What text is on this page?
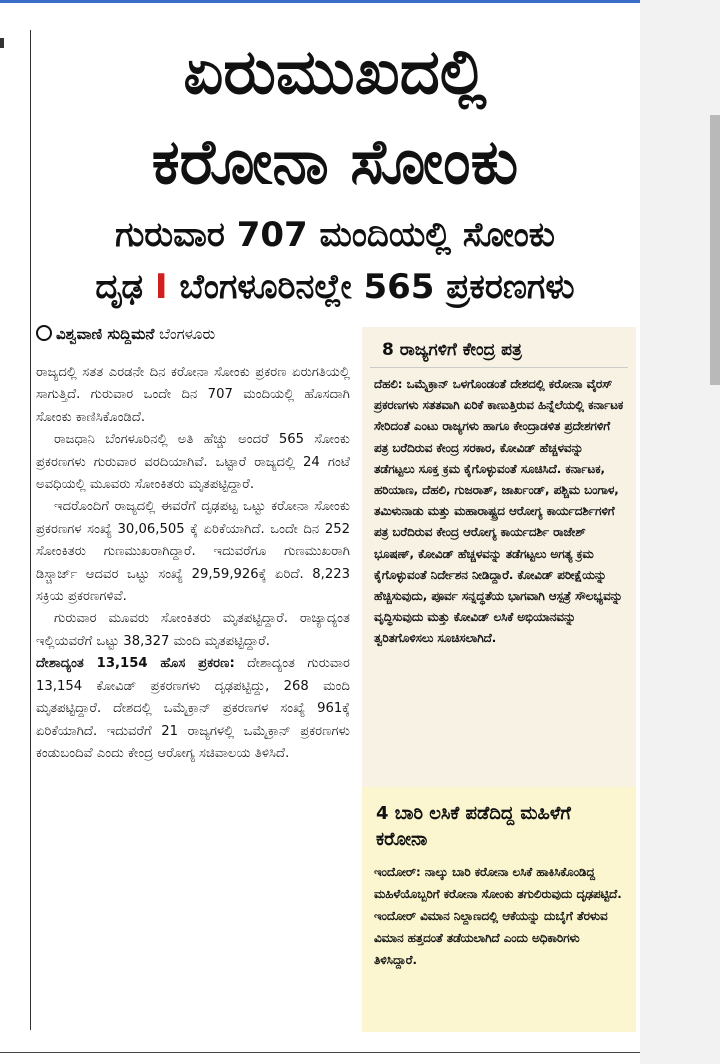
ಏರುಮುಖದಲ್ಲಿ
ಕರೋನಾ ಸೋಂಕು
ಗುರುವಾರ 707 ಮಂದಿಯಲ್ಲಿ ಸೋಂಕು
ದೃಢ I ಬೆಂಗಳೂರಿನಲ್ಲೇ 565 ಪ್ರಕರಣಗಳು
ವಿಶ್ವವಾಣಿ ಸುದ್ದಿಮನೆ ಬೆಂಗಳೂರು

ರಾಜ್ಯದಲ್ಲಿ ಸತತ ಎರಡನೇ ದಿನ ಕರೋನಾ ಸೋಂಕು ಪ್ರಕರಣ ಏರುಗತಿಯಲ್ಲಿ ಸಾಗುತ್ತಿದೆ. ಗುರುವಾರ ಒಂದೇ ದಿನ 707 ಮಂದಿಯಲ್ಲಿ ಹೊಸದಾಗಿ ಸೋಂಕು ಕಾಣಿಸಿಕೊಂಡಿದೆ.

ರಾಜಧಾನಿ ಬೆಂಗಳೂರಿನಲ್ಲಿ ಅತಿ ಹೆಚ್ಚು ಅಂದರೆ 565 ಸೋಂಕು ಪ್ರಕರಣಗಳು ಗುರುವಾರ ವರದಿಯಾಗಿವೆ. ಒಟ್ಟಾರೆ ರಾಜ್ಯದಲ್ಲಿ 24 ಗಂಟೆ ಅವಧಿಯಲ್ಲಿ ಮೂವರು ಸೋಂಕಿತರು ಮೃತಪಟ್ಟಿದ್ದಾರೆ.

ಇದರೊಂದಿಗೆ ರಾಜ್ಯದಲ್ಲಿ ಈವರೆಗೆ ದೃಢಪಟ್ಟ ಒಟ್ಟು ಕರೋನಾ ಸೋಂಕು ಪ್ರಕರಣಗಳ ಸಂಖ್ಯೆ 30,06,505 ಕ್ಕೆ ಏರಿಕೆಯಾಗಿದೆ. ಒಂದೇ ದಿನ 252 ಸೋಂಕಿತರು ಗುಣಮುಖರಾಗಿದ್ದಾರೆ. ಇದುವರೆಗೂ ಗುಣಮುಖರಾಗಿ ಡಿಸ್ಚಾರ್ಜ್ ಆದವರ ಒಟ್ಟು ಸಂಖ್ಯೆ 29,59,926ಕ್ಕೆ ಏರಿದೆ. 8,223 ಸಕ್ರಿಯ ಪ್ರಕರಣಗಳಿವೆ.

ಗುರುವಾರ ಮೂವರು ಸೋಂಕಿತರು ಮೃತಪಟ್ಟಿದ್ದಾರೆ. ರಾಜ್ಯಾದ್ಯಂತ ಇಲ್ಲಿಯವರೆಗೆ ಒಟ್ಟು 38,327 ಮಂದಿ ಮೃತಪಟ್ಟಿದ್ದಾರೆ.

ದೇಶಾದ್ಯಂತ 13,154 ಹೊಸ ಪ್ರಕರಣ: ದೇಶಾದ್ಯಂತ ಗುರುವಾರ 13,154 ಕೋವಿಡ್ ಪ್ರಕರಣಗಳು ದೃಢಪಟ್ಟಿದ್ದು, 268 ಮಂದಿ ಮೃತಪಟ್ಟಿದ್ದಾರೆ. ದೇಶದಲ್ಲಿ ಒಮೈಕ್ರಾನ್ ಪ್ರಕರಣಗಳ ಸಂಖ್ಯೆ 961ಕ್ಕೆ ಏರಿಕೆಯಾಗಿದೆ. ಇದುವರೆಗೆ 21 ರಾಜ್ಯಗಳಲ್ಲಿ ಒಮೈಕ್ರಾನ್ ಪ್ರಕರಣಗಳು ಕಂಡುಬಂದಿವೆ ಎಂದು ಕೇಂದ್ರ ಆರೋಗ್ಯ ಸಚಿವಾಲಯ ತಿಳಿಸಿದೆ.

8 ರಾಜ್ಯಗಳಿಗೆ ಕೇಂದ್ರ ಪತ್ರ
ದೆಹಲಿ: ಒಮೈಕ್ರಾನ್ ಒಳಗೊಂಡಂತೆ ದೇಶದಲ್ಲಿ ಕರೋನಾ ವೈರಸ್ ಪ್ರಕರಣಗಳು ಸತತವಾಗಿ ಏರಿಕೆ ಕಾಣುತ್ತಿರುವ ಹಿನ್ನೆಲೆಯಲ್ಲಿ ಕರ್ನಾಟಕ ಸೇರಿದಂತೆ ಎಂಟು ರಾಜ್ಯಗಳು ಹಾಗೂ ಕೇಂದ್ರಾಡಳಿತ ಪ್ರದೇಶಗಳಿಗೆ ಪತ್ರ ಬರೆದಿರುವ ಕೇಂದ್ರ ಸರಕಾರ, ಕೋವಿಡ್ ಹೆಚ್ಚಳವನ್ನು ತಡೆಗಟ್ಟಲು ಸೂಕ್ತ ಕ್ರಮ ಕೈಗೊಳ್ಳುವಂತೆ ಸೂಚಿಸಿದೆ. ಕರ್ನಾಟಕ, ಹರಿಯಾಣ, ದೆಹಲಿ, ಗುಜರಾತ್, ಜಾರ್ಖಂಡ್, ಪಶ್ಚಿಮ ಬಂಗಾಳ, ತಮಿಳುನಾಡು ಮತ್ತು ಮಹಾರಾಷ್ಟ್ರದ ಆರೋಗ್ಯ ಕಾರ್ಯದರ್ಶಿಗಳಿಗೆ ಪತ್ರ ಬರೆದಿರುವ ಕೇಂದ್ರ ಆರೋಗ್ಯ ಕಾರ್ಯದರ್ಶಿ ರಾಜೇಶ್ ಭೂಷಣ್, ಕೋವಿಡ್ ಹೆಚ್ಚಳವನ್ನು ತಡೆಗಟ್ಟಲು ಅಗತ್ಯ ಕ್ರಮ ಕೈಗೊಳ್ಳುವಂತೆ ನಿರ್ದೇಶನ ನೀಡಿದ್ದಾರೆ. ಕೋವಿಡ್ ಪರೀಕ್ಷೆಯನ್ನು ಹೆಚ್ಚಿಸುವುದು, ಪೂರ್ವ ಸನ್ನದ್ಧತೆಯ ಭಾಗವಾಗಿ ಆಸ್ಪತ್ರೆ ಸೌಲಭ್ಯವನ್ನು ವೃದ್ಧಿಸುವುದು ಮತ್ತು ಕೋವಿಡ್ ಲಸಿಕೆ ಅಭಿಯಾನವನ್ನು ತ್ವರಿತಗೊಳಿಸಲು ಸೂಚಿಸಲಾಗಿದೆ.
4 ಬಾರಿ ಲಸಿಕೆ ಪಡೆದಿದ್ದ ಮಹಿಳೆಗೆ ಕರೋನಾ
ಇಂದೋರ್: ನಾಲ್ಕು ಬಾರಿ ಕರೋನಾ ಲಸಿಕೆ ಹಾಕಿಸಿಕೊಂಡಿದ್ದ ಮಹಿಳೆಯೊಬ್ಬರಿಗೆ ಕರೋನಾ ಸೋಂಕು ತಗುಲಿರುವುದು ದೃಢಪಟ್ಟಿದೆ. ಇಂದೋರ್ ವಿಮಾನ ನಿಲ್ದಾಣದಲ್ಲಿ ಆಕೆಯನ್ನು ದುಬೈಗೆ ತೆರಳುವ ವಿಮಾನ ಹತ್ತದಂತೆ ತಡೆಯಲಾಗಿದೆ ಎಂದು ಅಧಿಕಾರಿಗಳು ತಿಳಿಸಿದ್ದಾರೆ.
